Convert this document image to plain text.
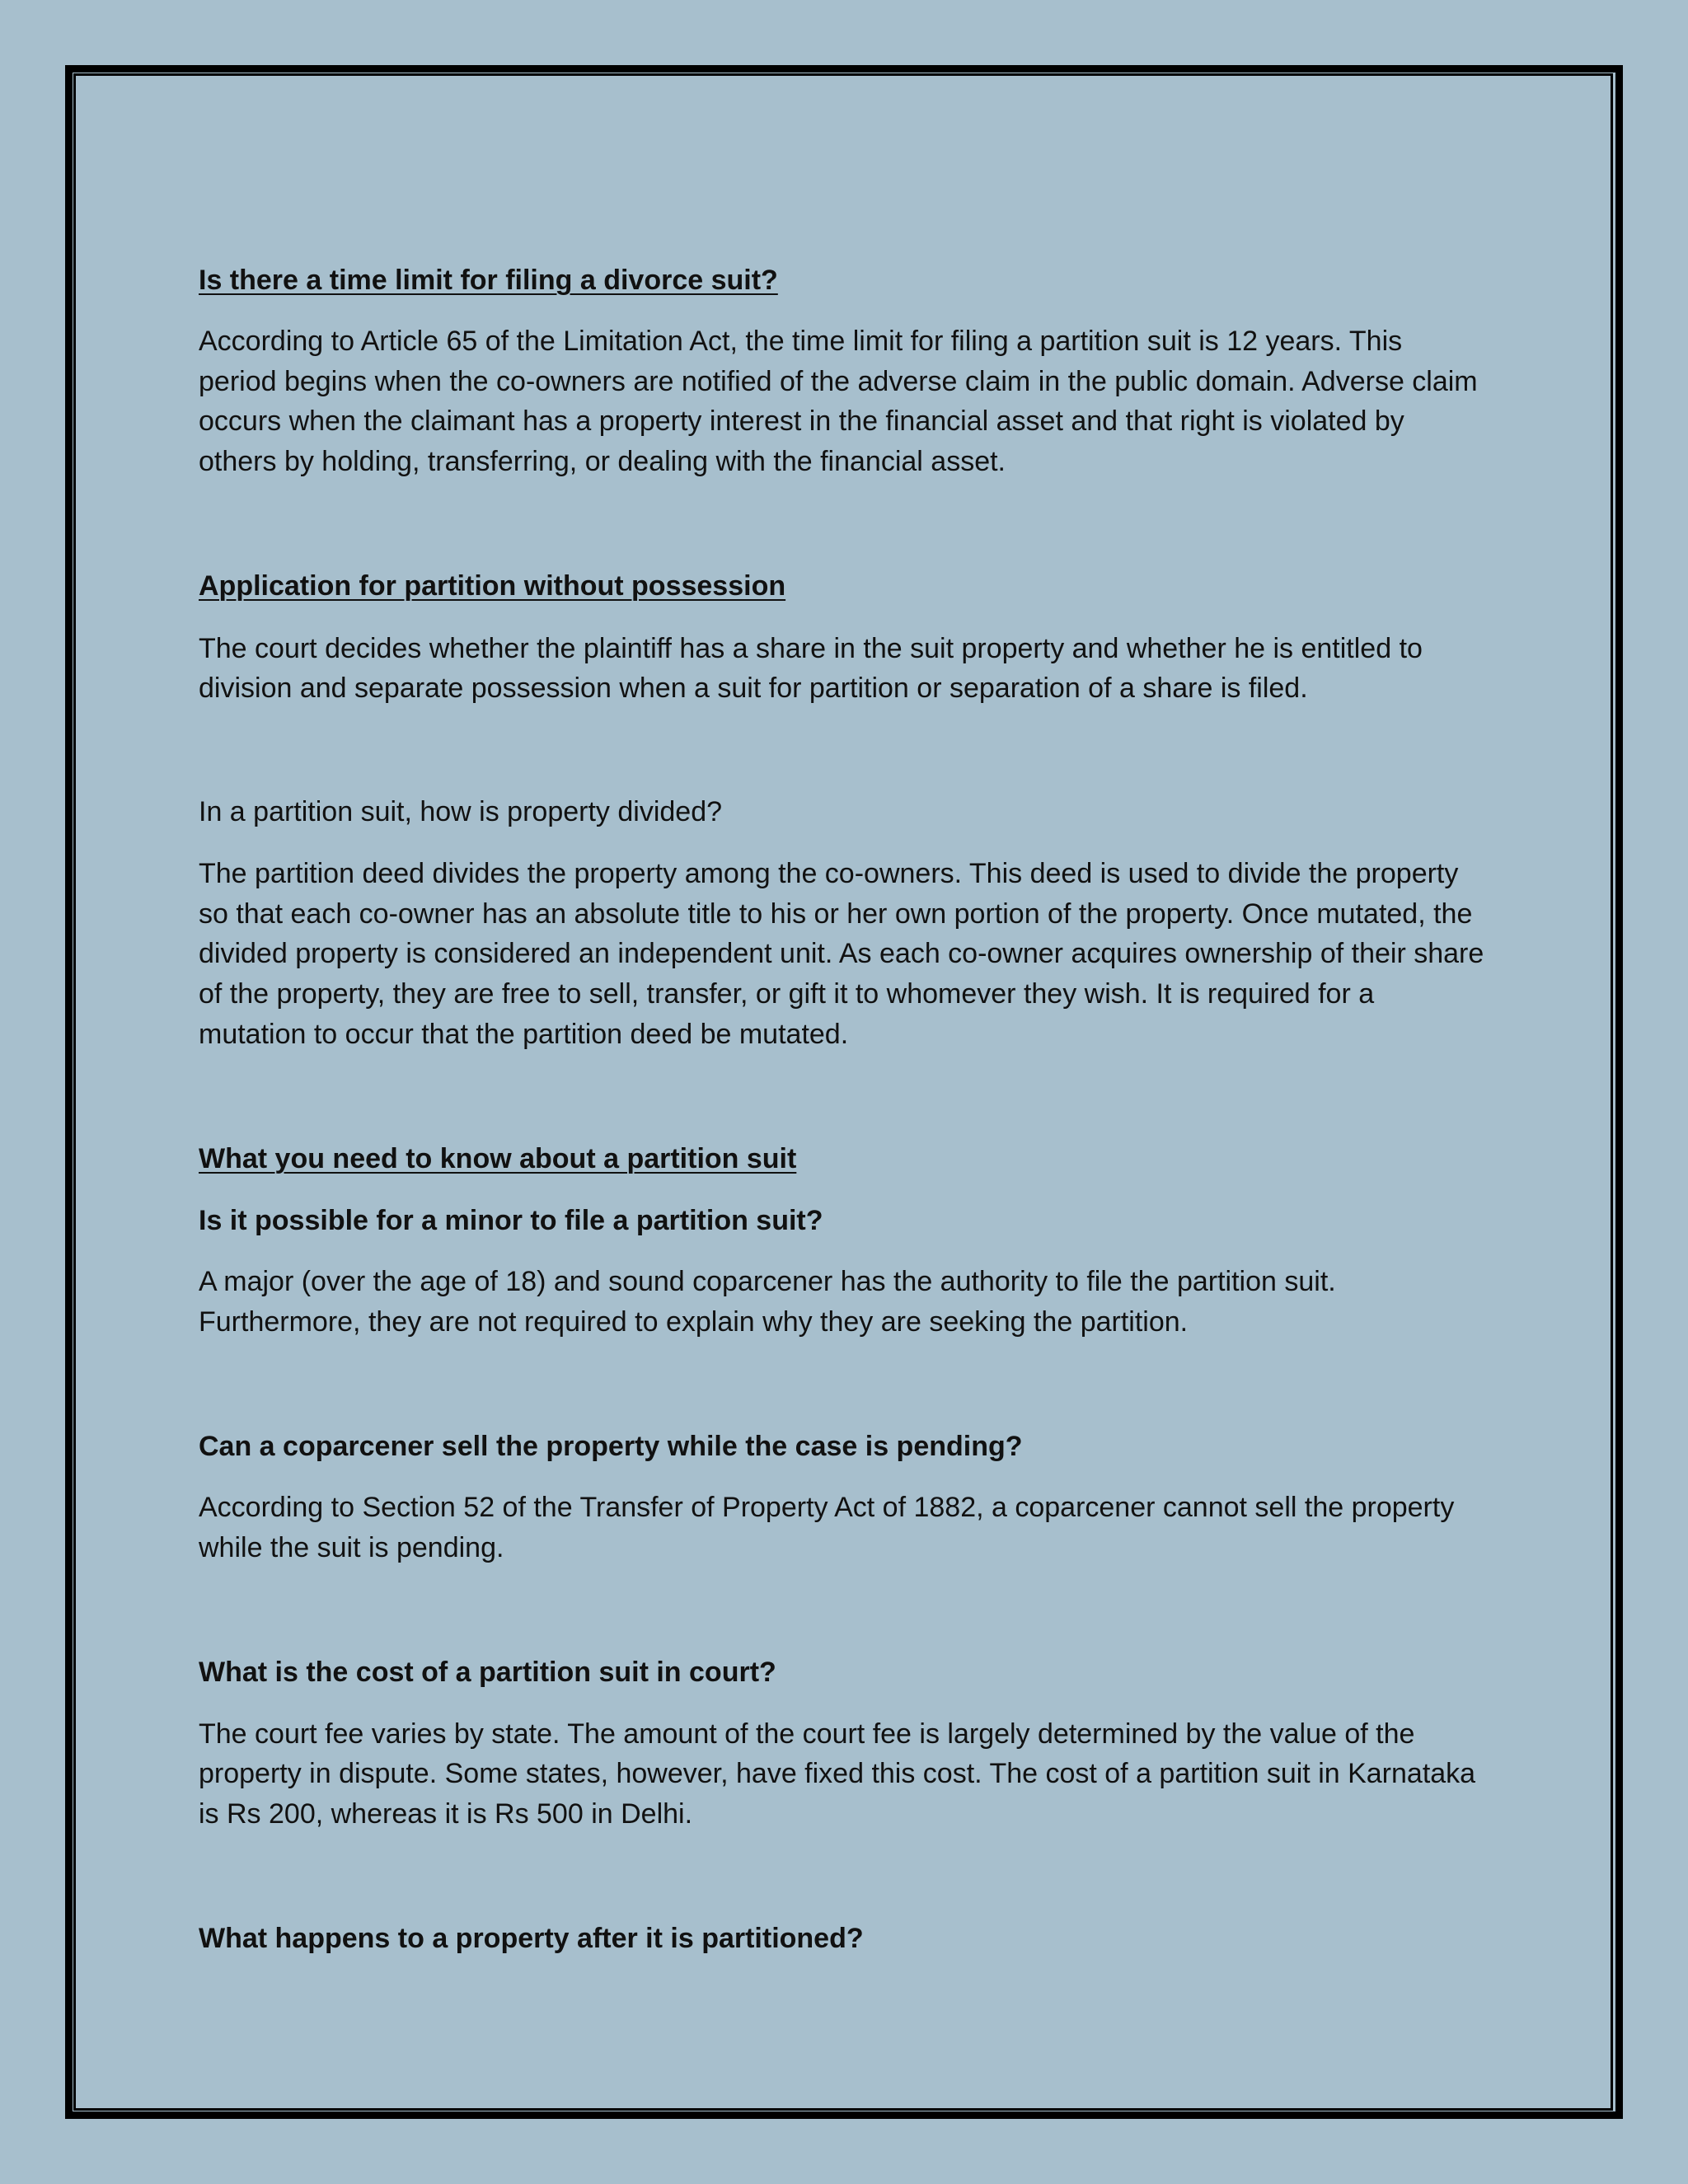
Is there a time limit for filing a divorce suit?

According to Article 65 of the Limitation Act, the time limit for filing a partition suit is 12 years. This

period begins when the co-owners are notified of the adverse claim in the public domain. Adverse claim

occurs when the claimant has a property interest in the financial asset and that right is violated by

others by holding, transferring, or dealing with the financial asset.

Application for partition without possession

The court decides whether the plaintiff has a share in the suit property and whether he is entitled to

division and separate possession when a suit for partition or separation of a share is filed.

In a partition suit, how is property divided?

The partition deed divides the property among the co-owners. This deed is used to divide the property

so that each co-owner has an absolute title to his or her own portion of the property. Once mutated, the

divided property is considered an independent unit. As each co-owner acquires ownership of their share

of the property, they are free to sell, transfer, or gift it to whomever they wish. It is required for a

mutation to occur that the partition deed be mutated.

What you need to know about a partition suit

Is it possible for a minor to file a partition suit?

A major (over the age of 18) and sound coparcener has the authority to file the partition suit.

Furthermore, they are not required to explain why they are seeking the partition.

Can a coparcener sell the property while the case is pending?

According to Section 52 of the Transfer of Property Act of 1882, a coparcener cannot sell the property

while the suit is pending.

What is the cost of a partition suit in court?

The court fee varies by state. The amount of the court fee is largely determined by the value of the

property in dispute. Some states, however, have fixed this cost. The cost of a partition suit in Karnataka

is Rs 200, whereas it is Rs 500 in Delhi.

What happens to a property after it is partitioned?
